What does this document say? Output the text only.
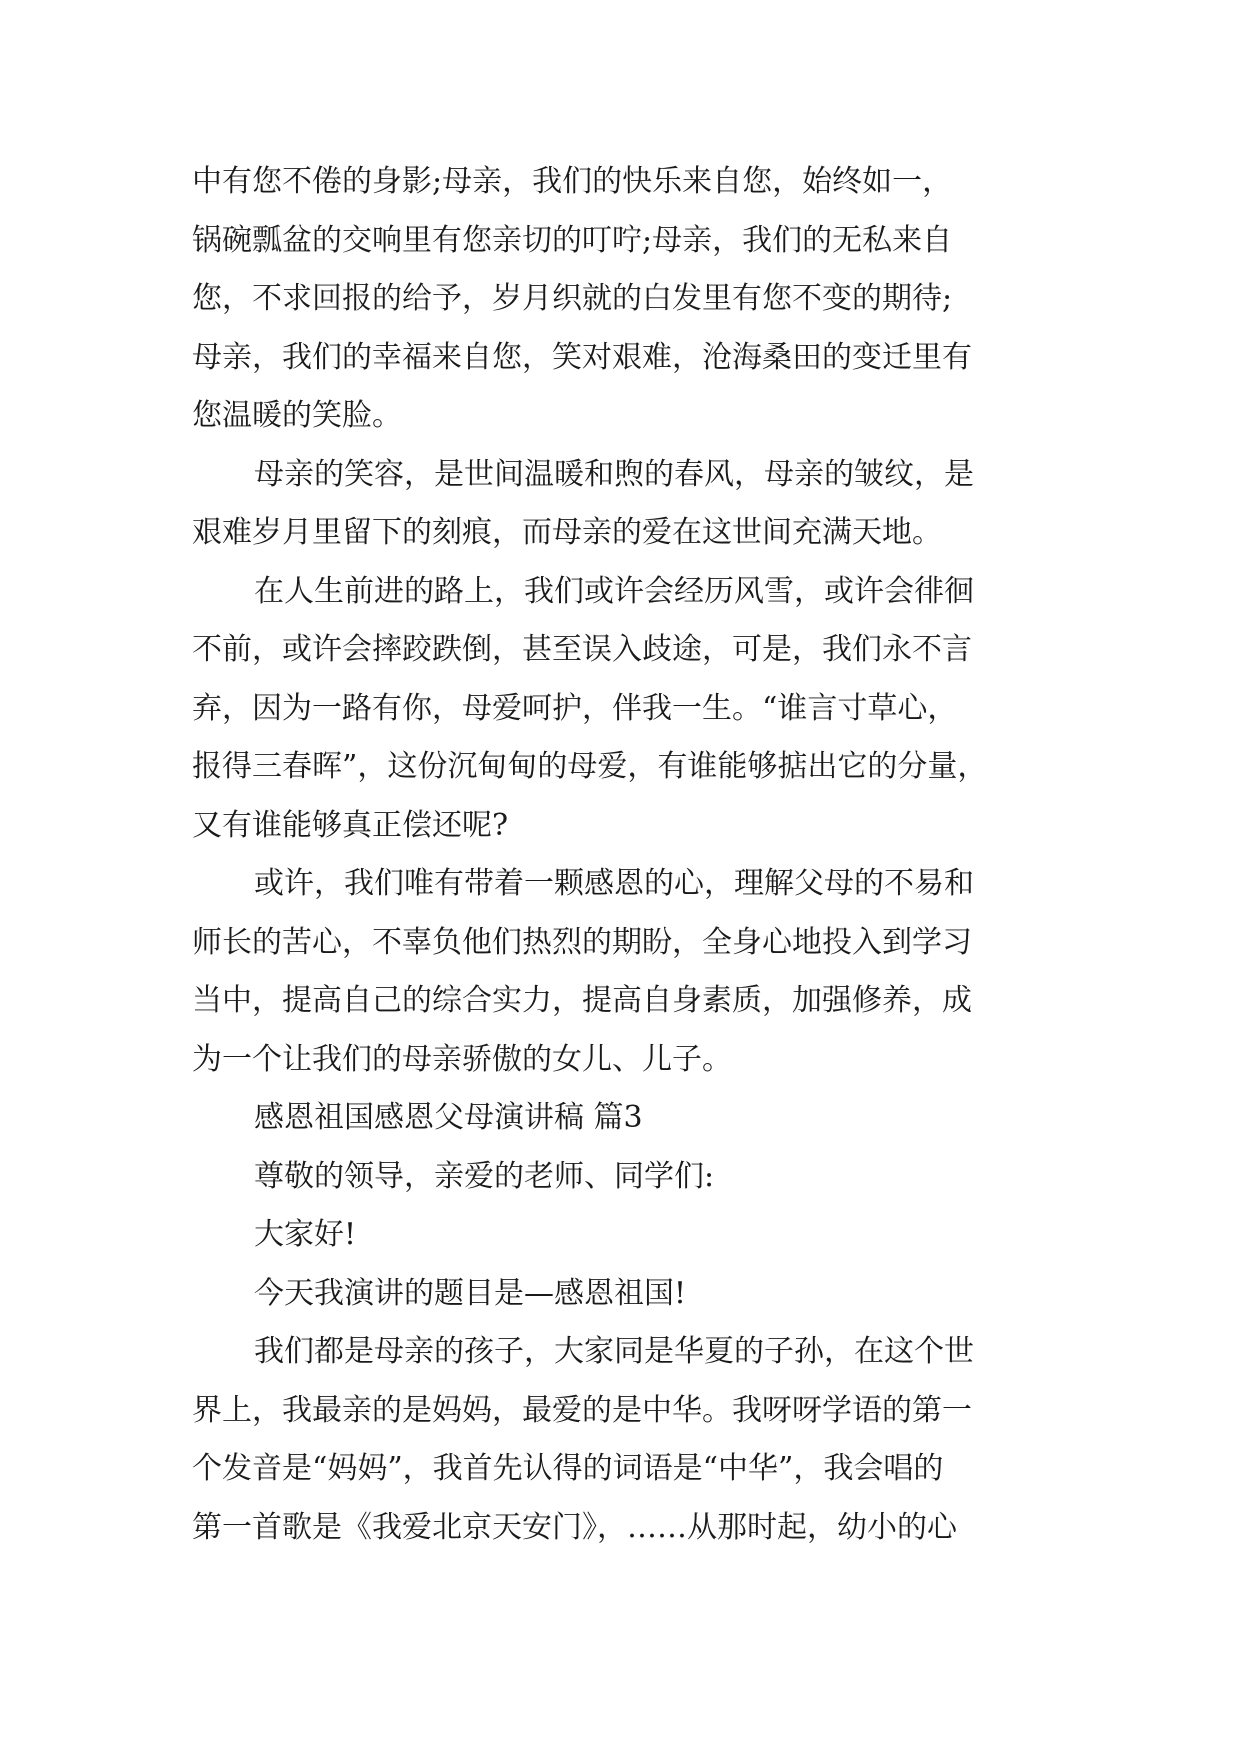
中有您不倦的身影;母亲，我们的快乐来自您，始终如一，
锅碗瓢盆的交响里有您亲切的叮咛;母亲，我们的无私来自
您，不求回报的给予，岁月织就的白发里有您不变的期待;
母亲，我们的幸福来自您，笑对艰难，沧海桑田的变迁里有
您温暖的笑脸。
母亲的笑容，是世间温暖和煦的春风，母亲的皱纹，是
艰难岁月里留下的刻痕，而母亲的爱在这世间充满天地。
在人生前进的路上，我们或许会经历风雪，或许会徘徊
不前，或许会摔跤跌倒，甚至误入歧途，可是，我们永不言
弃，因为一路有你，母爱呵护，伴我一生。“谁言寸草心，
报得三春晖”，这份沉甸甸的母爱，有谁能够掂出它的分量，
又有谁能够真正偿还呢?
或许，我们唯有带着一颗感恩的心，理解父母的不易和
师长的苦心，不辜负他们热烈的期盼，全身心地投入到学习
当中，提高自己的综合实力，提高自身素质，加强修养，成
为一个让我们的母亲骄傲的女儿、儿子。
感恩祖国感恩父母演讲稿 篇3
尊敬的领导，亲爱的老师、同学们:
大家好!
今天我演讲的题目是—感恩祖国!
我们都是母亲的孩子，大家同是华夏的子孙，在这个世
界上，我最亲的是妈妈，最爱的是中华。我呀呀学语的第一
个发音是“妈妈”，我首先认得的词语是“中华”，我会唱的
第一首歌是《我爱北京天安门》，……从那时起，幼小的心
